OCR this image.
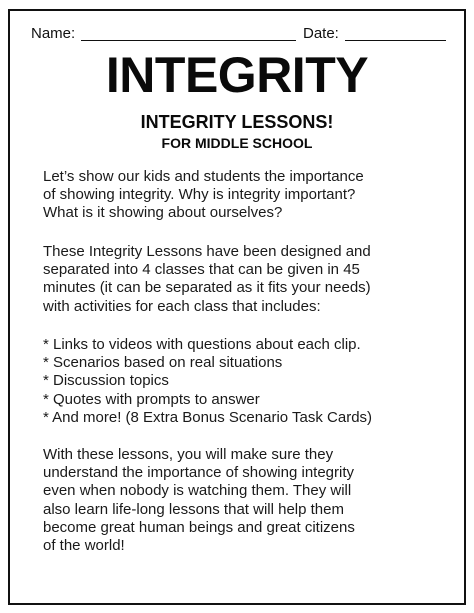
Name:	Date:
INTEGRITY
INTEGRITY LESSONS!
FOR MIDDLE SCHOOL
Let’s show our kids and students the importance
of showing integrity. Why is integrity important?
What is it showing about ourselves?
These Integrity Lessons have been designed and
separated into 4 classes that can be given in 45
minutes (it can be separated as it fits your needs)
with activities for each class that includes:
* Links to videos with questions about each clip.
* Scenarios based on real situations
* Discussion topics
* Quotes with prompts to answer
* And more! (8 Extra Bonus Scenario Task Cards)
With these lessons, you will make sure they
understand the importance of showing integrity
even when nobody is watching them. They will
also learn life-long lessons that will help them
become great human beings and great citizens
of the world!
